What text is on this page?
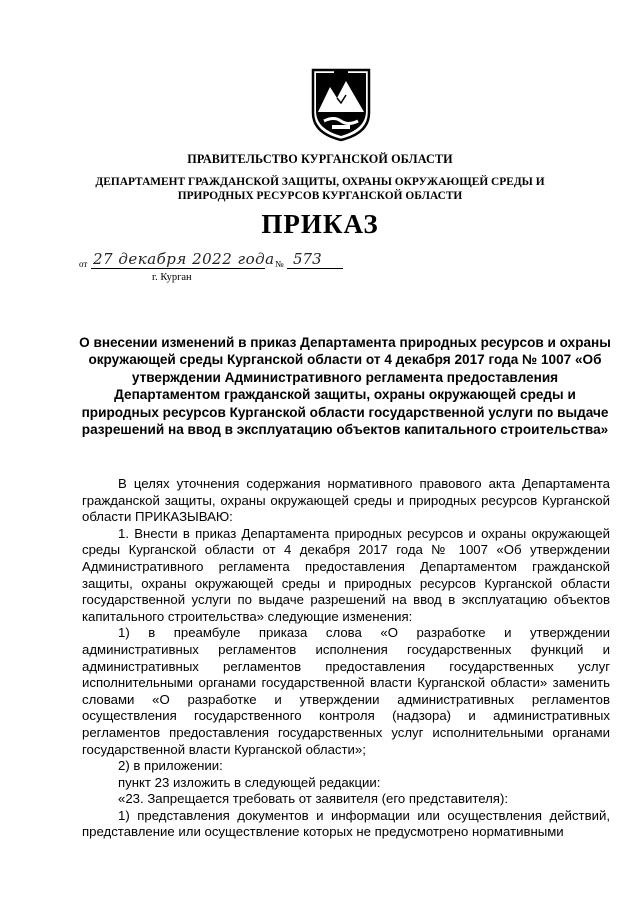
ПРАВИТЕЛЬСТВО КУРГАНСКОЙ ОБЛАСТИ
ДЕПАРТАМЕНТ ГРАЖДАНСКОЙ ЗАЩИТЫ, ОХРАНЫ ОКРУЖАЮЩЕЙ СРЕДЫ И ПРИРОДНЫХ РЕСУРСОВ КУРГАНСКОЙ ОБЛАСТИ
ПРИКАЗ
от 27 декабря 2022 года № 573
г. Курган
О внесении изменений в приказ Департамента природных ресурсов и охраны окружающей среды Курганской области от 4 декабря 2017 года № 1007 «Об утверждении Административного регламента предоставления Департаментом гражданской защиты, охраны окружающей среды и природных ресурсов Курганской области государственной услуги по выдаче разрешений на ввод в эксплуатацию объектов капитального строительства»

В целях уточнения содержания нормативного правового акта Департамента гражданской защиты, охраны окружающей среды и природных ресурсов Курганской области ПРИКАЗЫВАЮ:

1. Внести в приказ Департамента природных ресурсов и охраны окружающей среды Курганской области от 4 декабря 2017 года № 1007 «Об утверждении Административного регламента предоставления Департаментом гражданской защиты, охраны окружающей среды и природных ресурсов Курганской области государственной услуги по выдаче разрешений на ввод в эксплуатацию объектов капитального строительства» следующие изменения:

1) в преамбуле приказа слова «О разработке и утверждении административных регламентов исполнения государственных функций и административных регламентов предоставления государственных услуг исполнительными органами государственной власти Курганской области» заменить словами «О разработке и утверждении административных регламентов осуществления государственного контроля (надзора) и административных регламентов предоставления государственных услуг исполнительными органами государственной власти Курганской области»;

2) в приложении:

пункт 23 изложить в следующей редакции:

«23. Запрещается требовать от заявителя (его представителя):

1) представления документов и информации или осуществления действий, представление или осуществление которых не предусмотрено нормативными
